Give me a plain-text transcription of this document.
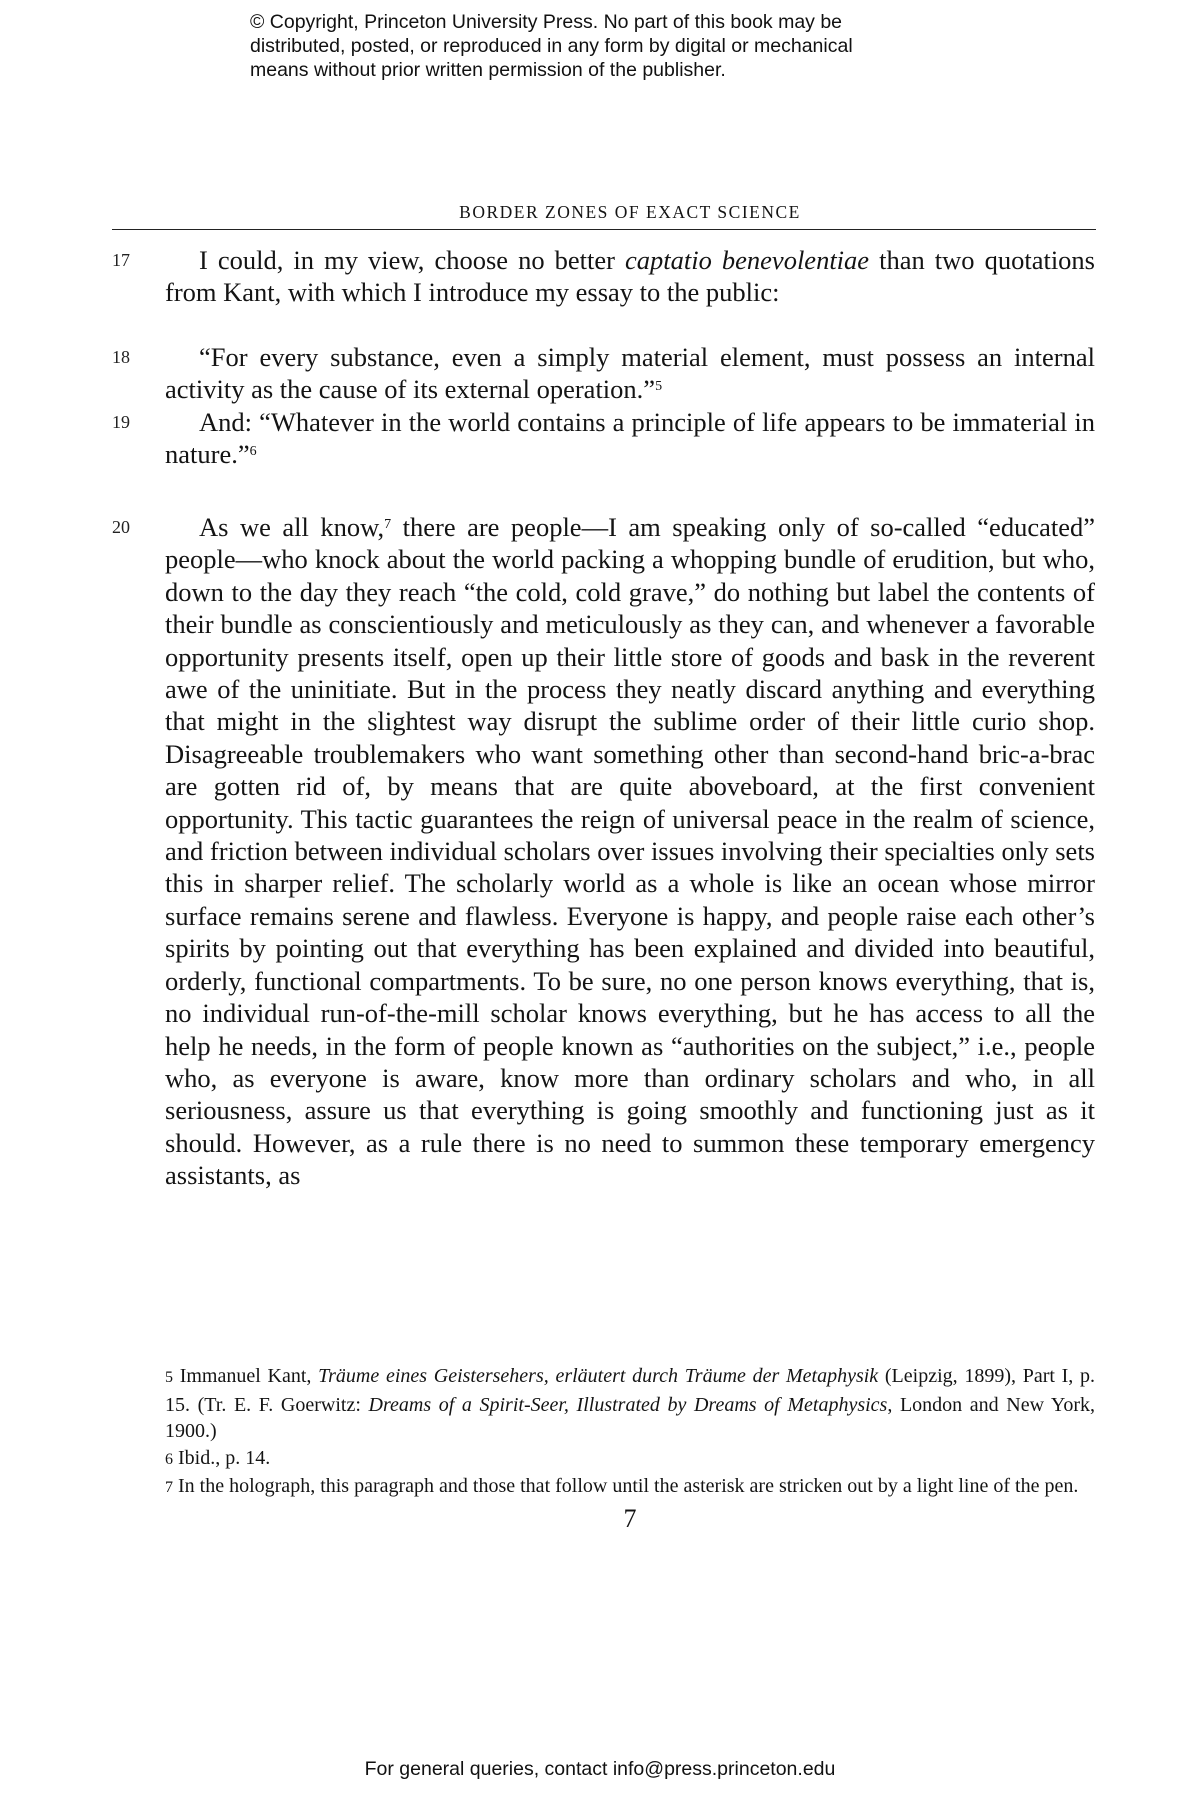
© Copyright, Princeton University Press. No part of this book may be
distributed, posted, or reproduced in any form by digital or mechanical
means without prior written permission of the publisher.
BORDER ZONES OF EXACT SCIENCE
17	I could, in my view, choose no better captatio benevolentiae than two quotations from Kant, with which I introduce my essay to the public:
18	“For every substance, even a simply material element, must possess an internal activity as the cause of its external operation.”$^5$
19	And: “Whatever in the world contains a principle of life appears to be immaterial in nature.”$^6$
20	As we all know,$^7$ there are people—I am speaking only of so-called “educated” people—who knock about the world packing a whopping bundle of erudition, but who, down to the day they reach “the cold, cold grave,” do nothing but label the contents of their bundle as conscientiously and meticulously as they can, and whenever a favorable opportunity presents itself, open up their little store of goods and bask in the reverent awe of the uninitiate. But in the process they neatly discard anything and everything that might in the slightest way disrupt the sublime order of their little curio shop. Disagreeable troublemakers who want something other than second-hand bric-a-brac are gotten rid of, by means that are quite aboveboard, at the first convenient opportunity. This tactic guarantees the reign of universal peace in the realm of science, and friction between individual scholars over issues involving their specialties only sets this in sharper relief. The scholarly world as a whole is like an ocean whose mirror surface remains serene and flawless. Everyone is happy, and people raise each other’s spirits by pointing out that everything has been explained and divided into beautiful, orderly, functional compartments. To be sure, no one person knows everything, that is, no individual run-of-the-mill scholar knows everything, but he has access to all the help he needs, in the form of people known as “authorities on the subject,” i.e., people who, as everyone is aware, know more than ordinary scholars and who, in all seriousness, assure us that everything is going smoothly and functioning just as it should. However, as a rule there is no need to summon these temporary emergency assistants, as

5 Immanuel Kant, Träume eines Geistersehers, erläutert durch Träume der Metaphysik (Leipzig, 1899), Part I, p. 15. (Tr. E. F. Goerwitz: Dreams of a Spirit-Seer, Illustrated by Dreams of Metaphysics, London and New York, 1900.)

6 Ibid., p. 14.

7 In the holograph, this paragraph and those that follow until the asterisk are stricken out by a light line of the pen.

7
For general queries, contact info@press.princeton.edu
